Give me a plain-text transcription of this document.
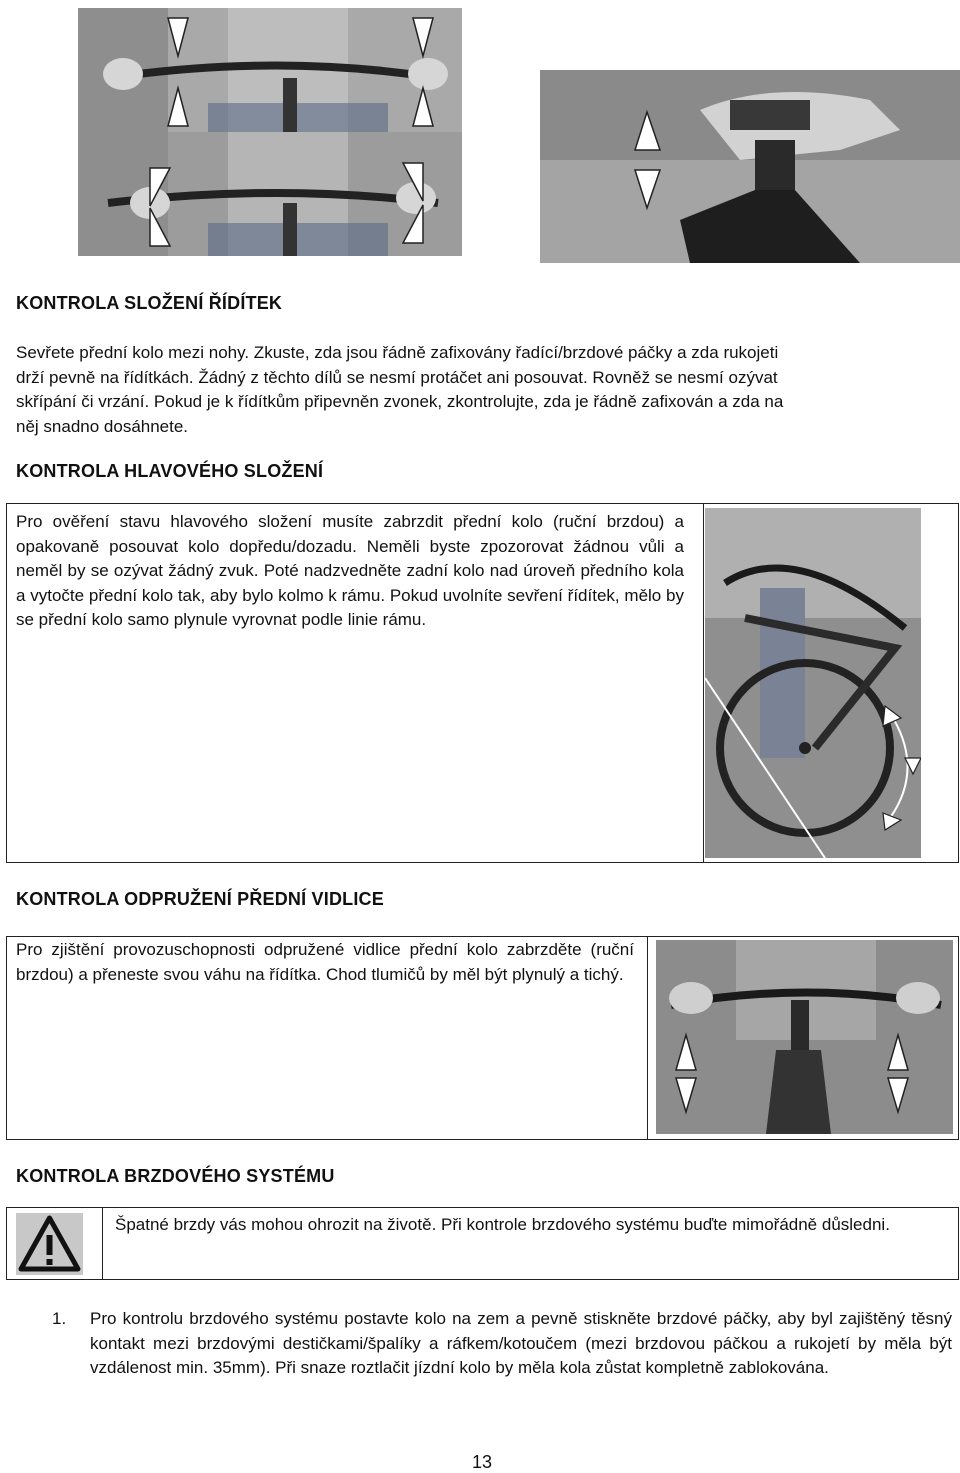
KONTROLA SLOŽENÍ ŘÍDÍTEK
Sevřete přední kolo mezi nohy. Zkuste, zda jsou řádně zafixovány řadící/brzdové páčky a zda rukojeti
drží pevně na řídítkách. Žádný z těchto dílů se nesmí protáčet ani posouvat. Rovněž se nesmí ozývat
skřípání či vrzání. Pokud je k řídítkům připevněn zvonek, zkontrolujte, zda je řádně zafixován a zda na
něj snadno dosáhnete.
KONTROLA HLAVOVÉHO SLOŽENÍ

Pro ověření stavu hlavového složení musíte zabrzdit přední kolo (ruční brzdou) a opakovaně posouvat kolo dopředu/dozadu. Neměli byste zpozorovat žádnou vůli a neměl by se ozývat žádný zvuk. Poté nadzvedněte zadní kolo nad úroveň předního kola a vytočte přední kolo tak, aby bylo kolmo k rámu. Pokud uvolníte sevření řídítek, mělo by se přední kolo samo plynule vyrovnat podle linie rámu.

KONTROLA ODPRUŽENÍ PŘEDNÍ VIDLICE

Pro zjištění provozuschopnosti odpružené vidlice přední kolo zabrzděte (ruční brzdou) a přeneste svou váhu na řídítka. Chod tlumičů by měl být plynulý a tichý.

KONTROLA BRZDOVÉHO SYSTÉMU

Špatné brzdy vás mohou ohrozit na životě. Při kontrole brzdového systému buďte mimořádně důsledni.

1. Pro kontrolu brzdového systému postavte kolo na zem a pevně stiskněte brzdové páčky, aby byl zajištěný těsný kontakt mezi brzdovými destičkami/špalíky a ráfkem/kotoučem (mezi brzdovou páčkou a rukojetí by měla být vzdálenost min. 35mm). Při snaze roztlačit jízdní kolo by měla kola zůstat kompletně zablokována.

13
